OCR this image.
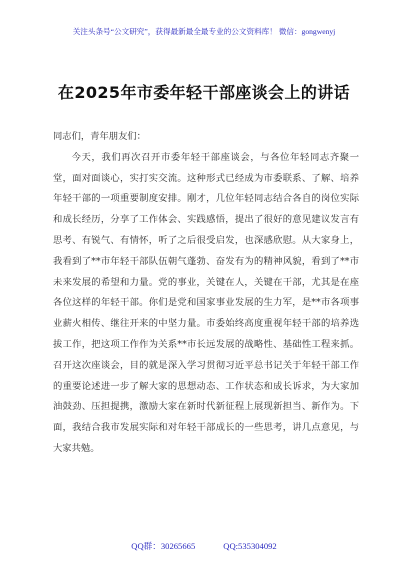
关注头条号“公文研究”，获得最新最全最专业的公文资料库！ 微信：gongwenyj
在2025年市委年轻干部座谈会上的讲话

同志们，青年朋友们：

今天，我们再次召开市委年轻干部座谈会，与各位年轻同志齐聚一堂，面对面谈心，实打实交流。这种形式已经成为市委联系、了解、培养年轻干部的一项重要制度安排。刚才，几位年轻同志结合各自的岗位实际和成长经历，分享了工作体会、实践感悟，提出了很好的意见建议发言有思考、有锐气、有情怀，听了之后很受启发，也深感欣慰。从大家身上，我看到了**市年轻干部队伍朝气蓬勃、奋发有为的精神风貌，看到了**市未来发展的希望和力量。党的事业，关键在人，关键在干部，尤其是在座各位这样的年轻干部。你们是党和国家事业发展的生力军，是**市各项事业薪火相传、继往开来的中坚力量。市委始终高度重视年轻干部的培养选拔工作，把这项工作作为关系**市长远发展的战略性、基础性工程来抓。召开这次座谈会，目的就是深入学习贯彻习近平总书记关于年轻干部工作的重要论述进一步了解大家的思想动态、工作状态和成长诉求，为大家加油鼓劲、压担提携，激励大家在新时代新征程上展现新担当、新作为。下面，我结合我市发展实际和对年轻干部成长的一些思考，讲几点意见，与大家共勉。

QQ群：30265665	QQ:535304092
